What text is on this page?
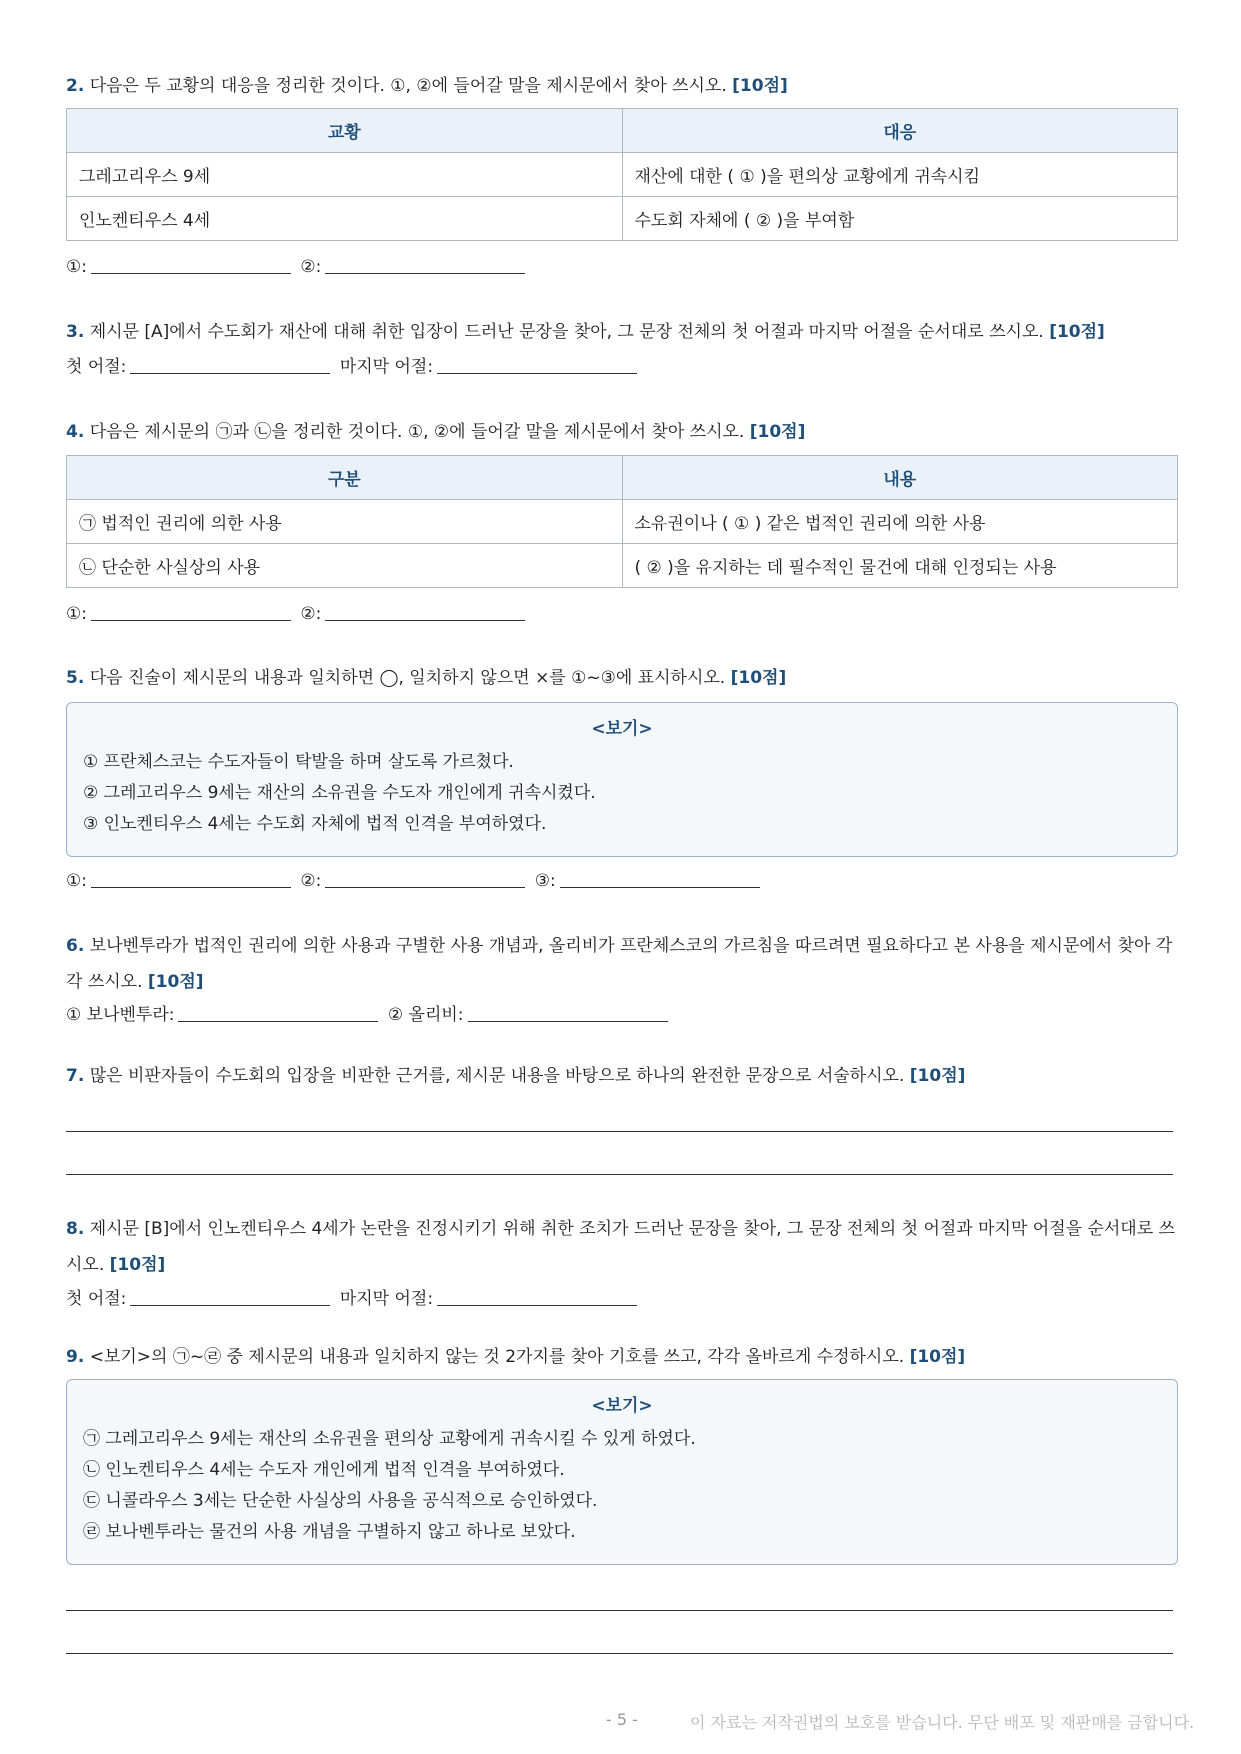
2. 다음은 두 교황의 대응을 정리한 것이다. ①, ②에 들어갈 말을 제시문에서 찾아 쓰시오. [10점]
교황	대응
그레고리우스 9세	재산에 대한 ( ① )을 편의상 교황에게 귀속시킴
인노켄티우스 4세	수도회 자체에 ( ② )을 부여함
①:	②:
3. 제시문 [A]에서 수도회가 재산에 대해 취한 입장이 드러난 문장을 찾아, 그 문장 전체의 첫 어절과 마지막 어절을 순서대로 쓰시오. [10점]
첫 어절:	마지막 어절:
4. 다음은 제시문의 ㉠과 ㉡을 정리한 것이다. ①, ②에 들어갈 말을 제시문에서 찾아 쓰시오. [10점]
구분	내용
㉠ 법적인 권리에 의한 사용	소유권이나 ( ① ) 같은 법적인 권리에 의한 사용
㉡ 단순한 사실상의 사용	( ② )을 유지하는 데 필수적인 물건에 대해 인정되는 사용
①:	②:
5. 다음 진술이 제시문의 내용과 일치하면 ◯, 일치하지 않으면 ×를 ①~③에 표시하시오. [10점]
<보기>
① 프란체스코는 수도자들이 탁발을 하며 살도록 가르쳤다.
② 그레고리우스 9세는 재산의 소유권을 수도자 개인에게 귀속시켰다.
③ 인노켄티우스 4세는 수도회 자체에 법적 인격을 부여하였다.
①:	②:	③:
6. 보나벤투라가 법적인 권리에 의한 사용과 구별한 사용 개념과, 올리비가 프란체스코의 가르침을 따르려면 필요하다고 본 사용을 제시문에서 찾아 각각 쓰시오. [10점]
① 보나벤투라:	② 올리비:
7. 많은 비판자들이 수도회의 입장을 비판한 근거를, 제시문 내용을 바탕으로 하나의 완전한 문장으로 서술하시오. [10점]
8. 제시문 [B]에서 인노켄티우스 4세가 논란을 진정시키기 위해 취한 조치가 드러난 문장을 찾아, 그 문장 전체의 첫 어절과 마지막 어절을 순서대로 쓰시오. [10점]
첫 어절:	마지막 어절:
9. <보기>의 ㉠~㉣ 중 제시문의 내용과 일치하지 않는 것 2가지를 찾아 기호를 쓰고, 각각 올바르게 수정하시오. [10점]
<보기>
㉠ 그레고리우스 9세는 재산의 소유권을 편의상 교황에게 귀속시킬 수 있게 하였다.
㉡ 인노켄티우스 4세는 수도자 개인에게 법적 인격을 부여하였다.
㉢ 니콜라우스 3세는 단순한 사실상의 사용을 공식적으로 승인하였다.
㉣ 보나벤투라는 물건의 사용 개념을 구별하지 않고 하나로 보았다.
- 5 -	이 자료는 저작권법의 보호를 받습니다. 무단 배포 및 재판매를 금합니다.
